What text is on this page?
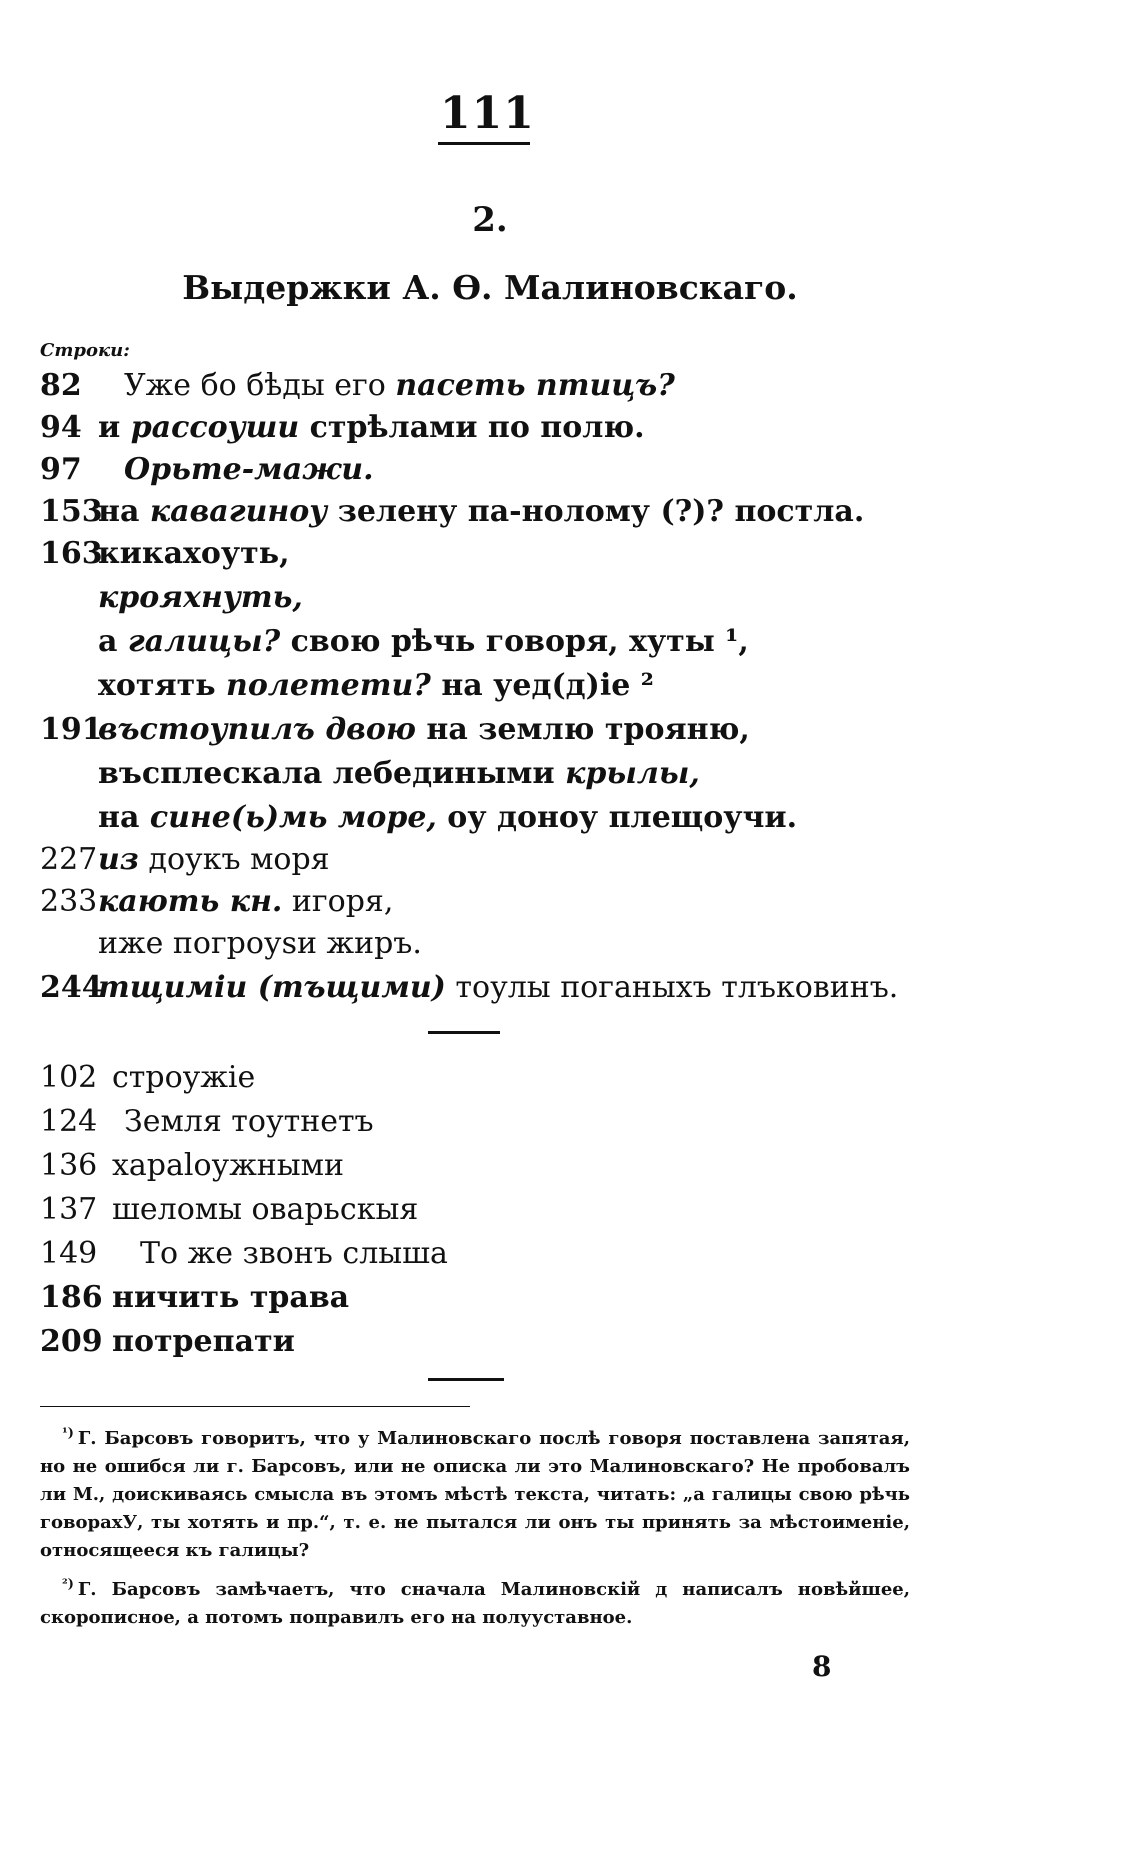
111
2.
Выдержки А. Ѳ. Малиновскаго.
Строки:
82 Уже бо бѣды его пасеть птицъ?
94 и рассоуши стрѣлами по полю.
97 Орьте-мажи.
153
на кавагиноу зелену па-нолому (?)? постла.
163
кикахоуть,
крояхнуть,
а галицы? свою рѣчь говоря, хуты ¹,
хотять полетети? на уед(д)ie ²
191
въстоупилъ двою на землю трояню,
въсплескала лебедиными крылы,
на сине(ь)мь море, оу доноу плещоучи.
227 из доукъ моря
233 кають кн. игоря,
иже погроуѕи жиръ.
244
тщиміи (тъщими) тоулы поганыхъ тлъковинъ.
102 строужіе
124 Земля тоутнетъ
136 хараloужными
137 шеломы оварьскыя
149 То же звонъ слыша
186 ничить трава
209 потрепати

$^{^1)}$ Г. Барсовъ говоритъ, что у Малиновскаго послѣ говоря поставлена запятая, но не ошибся ли г. Барсовъ, или не описка ли это Малиновскаго? Не пробовалъ ли М., доискиваясь смысла въ этомъ мѣстѣ текста, читать: „а галицы свою рѣчь говорахУ, ты хотять и пр.“, т. е. не пытался ли онъ ты принять за мѣстоименіе, относящееся къ галицы?

$^{^2)}$ Г. Барсовъ замѣчаетъ, что сначала Малиновскій д написалъ новѣйшее, скорописное, а потомъ поправилъ его на полууставное.

8
